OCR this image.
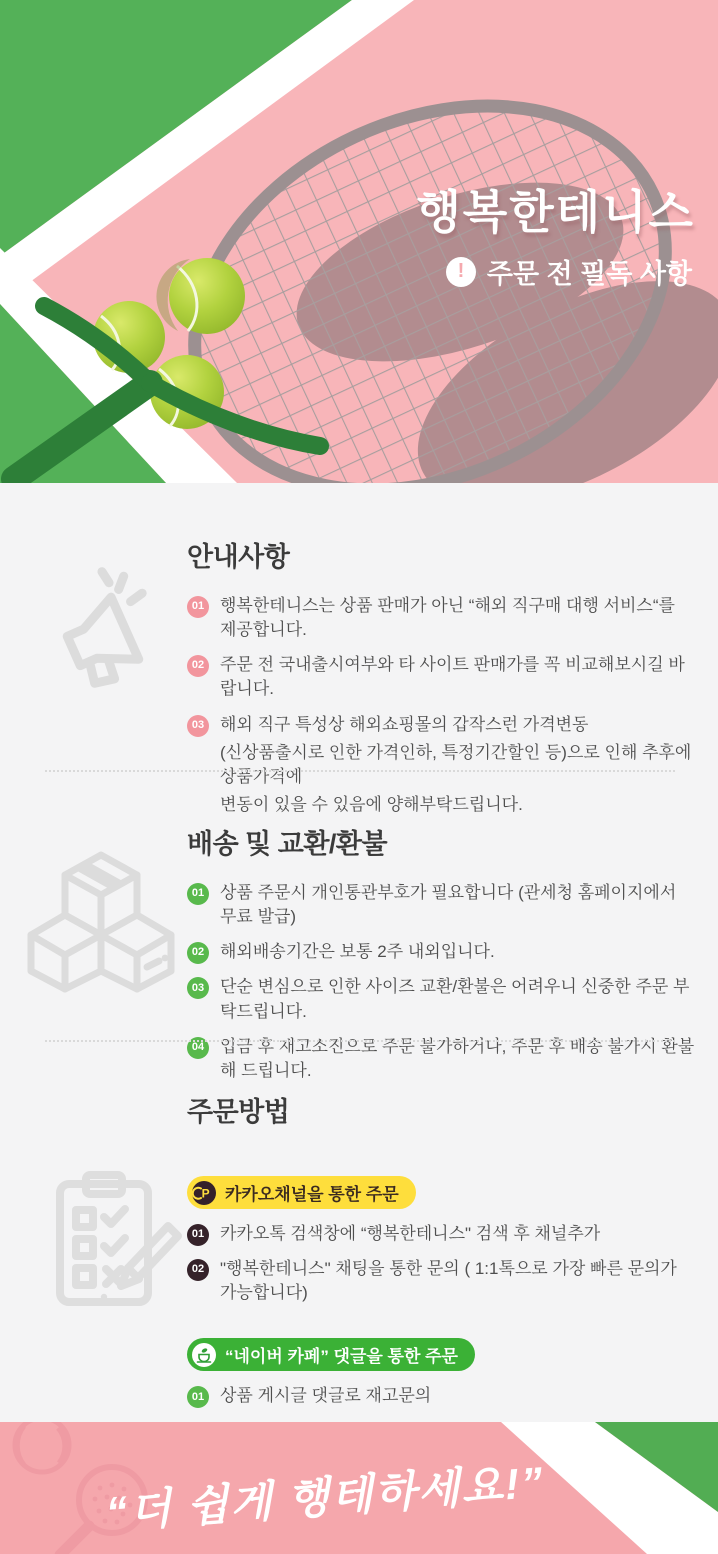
행복한테니스
! 주문 전 필독 사항
안내사항
01 행복한테니스는 상품 판매가 아닌 “해외 직구매 대행 서비스“를 제공합니다.
02 주문 전 국내출시여부와 타 사이트 판매가를 꼭 비교해보시길 바랍니다.
03 해외 직구 특성상 해외쇼핑몰의 갑작스런 가격변동
(신상품출시로 인한 가격인하, 특정기간할인 등)으로 인해 추후에 상품가격에
변동이 있을 수 있음에 양해부탁드립니다.
배송 및 교환/환불
01 상품 주문시 개인통관부호가 필요합니다 (관세청 홈페이지에서 무료 발급)
02 해외배송기간은 보통 2주 내외입니다.
03 단순 변심으로 인한 사이즈 교환/환불은 어려우니 신중한 주문 부탁드립니다.
04 입금 후 재고소진으로 주문 불가하거나, 주문 후 배송 불가시 환불해 드립니다.
주문방법
P 카카오채널을 통한 주문
01 카카오톡 검색창에 “행복한테니스" 검색 후 채널추가
02 "행복한테니스" 채팅을 통한 문의 ( 1:1톡으로 가장 빠른 문의가 가능합니다)
“네이버 카페” 댓글을 통한 주문
01 상품 게시글 댓글로 재고문의
“더 쉽게 행테하세요!”
